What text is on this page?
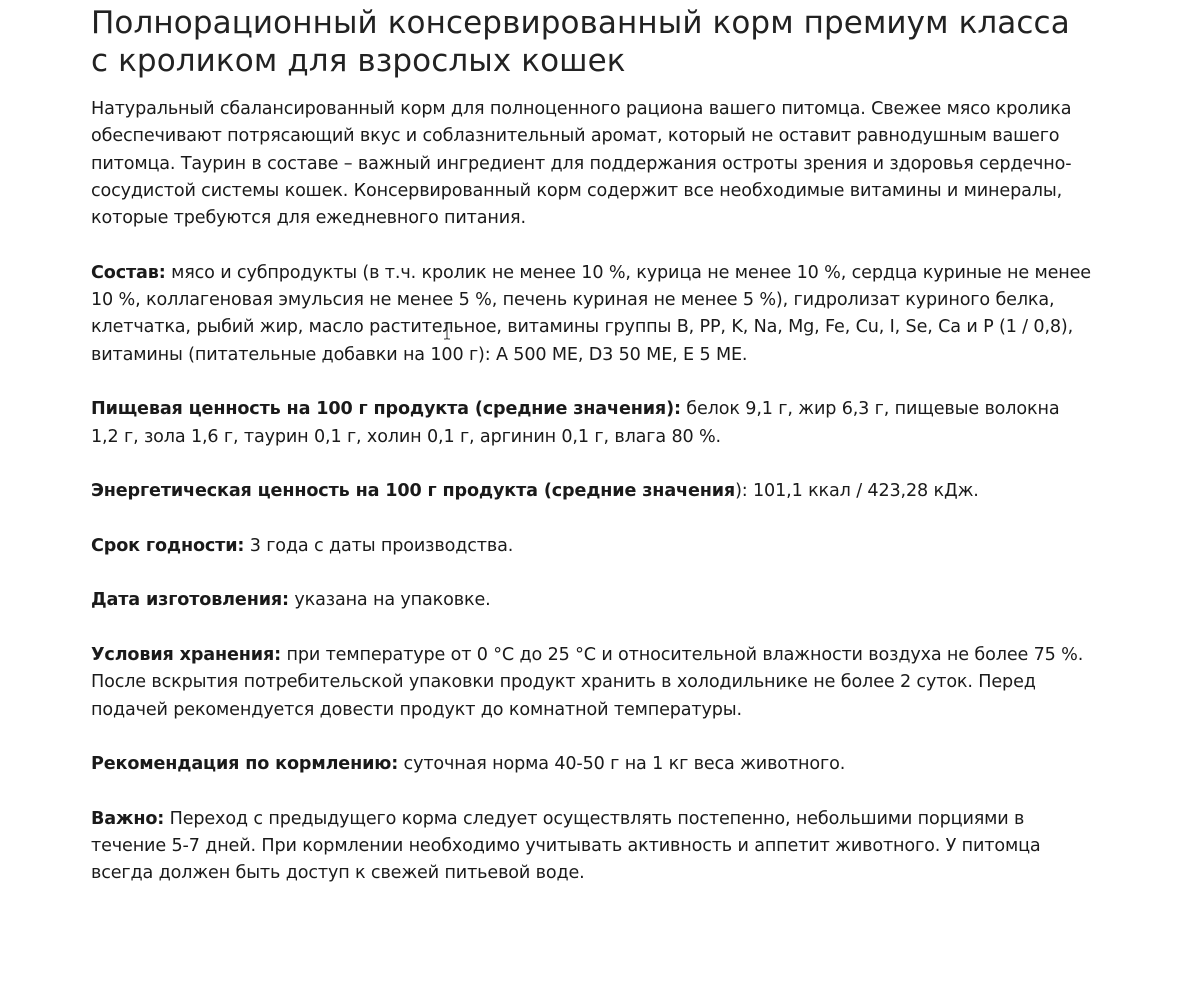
Полнорационный консервированный корм премиум класса с кроликом для взрослых кошек

Натуральный сбалансированный корм для полноценного рациона вашего питомца. Свежее мясо кролика обеспечивают потрясающий вкус и соблазнительный аромат, который не оставит равнодушным вашего питомца. Таурин в составе – важный ингредиент для поддержания остроты зрения и здоровья сердечно-сосудистой системы кошек. Консервированный корм содержит все необходимые витамины и минералы, которые требуются для ежедневного питания.

Состав: мясо и субпродукты (в т.ч. кролик не менее 10 %, курица не менее 10 %, сердца куриные не менее 10 %, коллагеновая эмульсия не менее 5 %, печень куриная не менее 5 %), гидролизат куриного белка, клетчатка, рыбий жир, масло растительное, витамины группы B, PP, K, Na, Mg, Fe, Cu, I, Se, Ca и P (1 / 0,8), витамины (питательные добавки на 100 г): A 500 МЕ, D3 50 МЕ, E 5 МЕ.

Пищевая ценность на 100 г продукта (средние значения): белок 9,1 г, жир 6,3 г, пищевые волокна 1,2 г, зола 1,6 г, таурин 0,1 г, холин 0,1 г, аргинин 0,1 г, влага 80 %.

Энергетическая ценность на 100 г продукта (средние значения): 101,1 ккал / 423,28 кДж.

Срок годности: 3 года с даты производства.

Дата изготовления: указана на упаковке.

Условия хранения: при температуре от 0 °C до 25 °C и относительной влажности воздуха не более 75 %. После вскрытия потребительской упаковки продукт хранить в холодильнике не более 2 суток. Перед подачей рекомендуется довести продукт до комнатной температуры.

Рекомендация по кормлению: суточная норма 40-50 г на 1 кг веса животного.

Важно: Переход с предыдущего корма следует осуществлять постепенно, небольшими порциями в течение 5-7 дней. При кормлении необходимо учитывать активность и аппетит животного. У питомца всегда должен быть доступ к свежей питьевой воде.
